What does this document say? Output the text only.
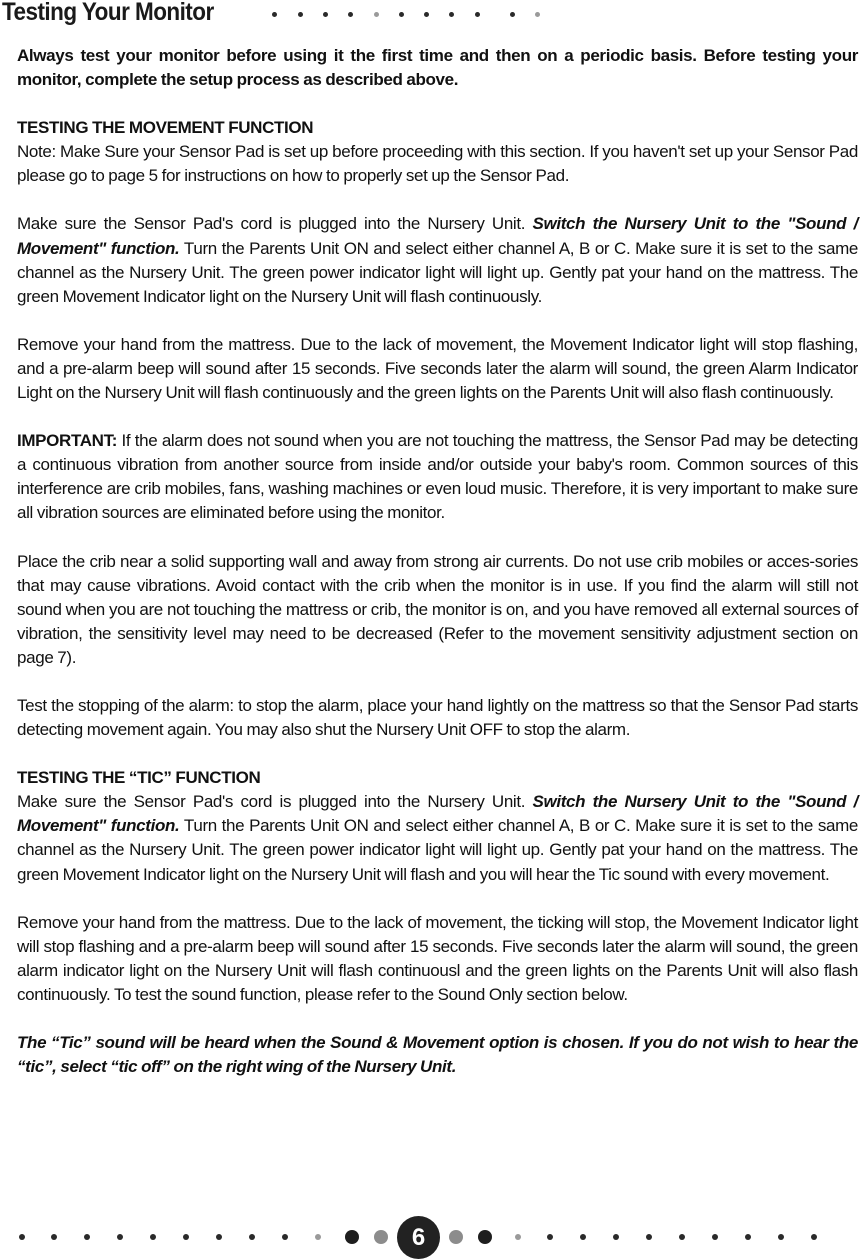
Testing Your Monitor

Always test your monitor before using it the first time and then on a periodic basis. Before testing your monitor, complete the setup process as described above.

TESTING THE MOVEMENT FUNCTION
Note: Make Sure your Sensor Pad is set up before proceeding with this section. If you haven't set up your Sensor Pad please go to page 5 for instructions on how to properly set up the Sensor Pad.

Make sure the Sensor Pad's cord is plugged into the Nursery Unit. Switch the Nursery Unit to the "Sound / Movement" function. Turn the Parents Unit ON and select either channel A, B or C. Make sure it is set to the same channel as the Nursery Unit. The green power indicator light will light up. Gently pat your hand on the mattress. The green Movement Indicator light on the Nursery Unit will flash continuously.

Remove your hand from the mattress. Due to the lack of movement, the Movement Indicator light will stop flashing, and a pre-alarm beep will sound after 15 seconds. Five seconds later the alarm will sound, the green Alarm Indicator Light on the Nursery Unit will flash continuously and the green lights on the Parents Unit will also flash continuously.

IMPORTANT: If the alarm does not sound when you are not touching the mattress, the Sensor Pad may be detecting a continuous vibration from another source from inside and/or outside your baby's room. Common sources of this interference are crib mobiles, fans, washing machines or even loud music. Therefore, it is very important to make sure all vibration sources are eliminated before using the monitor.

Place the crib near a solid supporting wall and away from strong air currents. Do not use crib mobiles or acces-sories that may cause vibrations. Avoid contact with the crib when the monitor is in use. If you find the alarm will still not sound when you are not touching the mattress or crib, the monitor is on, and you have removed all external sources of vibration, the sensitivity level may need to be decreased (Refer to the movement sensitivity adjustment section on page 7).

Test the stopping of the alarm: to stop the alarm, place your hand lightly on the mattress so that the Sensor Pad starts detecting movement again. You may also shut the Nursery Unit OFF to stop the alarm.

TESTING THE “TIC” FUNCTION
Make sure the Sensor Pad's cord is plugged into the Nursery Unit. Switch the Nursery Unit to the "Sound / Movement" function. Turn the Parents Unit ON and select either channel A, B or C. Make sure it is set to the same channel as the Nursery Unit. The green power indicator light will light up. Gently pat your hand on the mattress. The green Movement Indicator light on the Nursery Unit will flash and you will hear the Tic sound with every movement.

Remove your hand from the mattress. Due to the lack of movement, the ticking will stop, the Movement Indicator light will stop flashing and a pre-alarm beep will sound after 15 seconds. Five seconds later the alarm will sound, the green alarm indicator light on the Nursery Unit will flash continuousl and the green lights on the Parents Unit will also flash continuously. To test the sound function, please refer to the Sound Only section below.

The “Tic” sound will be heard when the Sound & Movement option is chosen. If you do not wish to hear the “tic”, select “tic off” on the right wing of the Nursery Unit.

6
